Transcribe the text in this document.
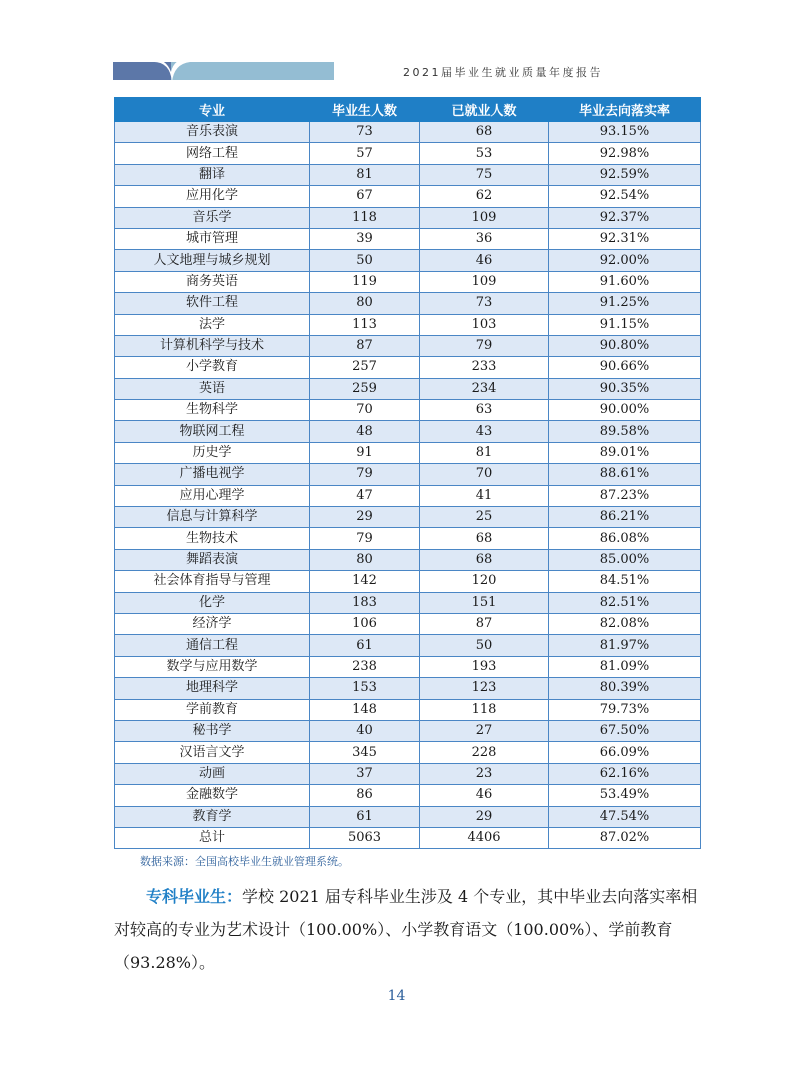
2021届毕业生就业质量年度报告
专业	毕业生人数	已就业人数	毕业去向落实率
音乐表演	73	68	93.15%
网络工程	57	53	92.98%
翻译	81	75	92.59%
应用化学	67	62	92.54%
音乐学	118	109	92.37%
城市管理	39	36	92.31%
人文地理与城乡规划	50	46	92.00%
商务英语	119	109	91.60%
软件工程	80	73	91.25%
法学	113	103	91.15%
计算机科学与技术	87	79	90.80%
小学教育	257	233	90.66%
英语	259	234	90.35%
生物科学	70	63	90.00%
物联网工程	48	43	89.58%
历史学	91	81	89.01%
广播电视学	79	70	88.61%
应用心理学	47	41	87.23%
信息与计算科学	29	25	86.21%
生物技术	79	68	86.08%
舞蹈表演	80	68	85.00%
社会体育指导与管理	142	120	84.51%
化学	183	151	82.51%
经济学	106	87	82.08%
通信工程	61	50	81.97%
数学与应用数学	238	193	81.09%
地理科学	153	123	80.39%
学前教育	148	118	79.73%
秘书学	40	27	67.50%
汉语言文学	345	228	66.09%
动画	37	23	62.16%
金融数学	86	46	53.49%
教育学	61	29	47.54%
总计	5063	4406	87.02%
数据来源：全国高校毕业生就业管理系统。
专科毕业生：学校 2021 届专科毕业生涉及 4 个专业，其中毕业去向落实率相对较高的专业为艺术设计（100.00%）、小学教育语文（100.00%）、学前教育（93.28%）。
14
